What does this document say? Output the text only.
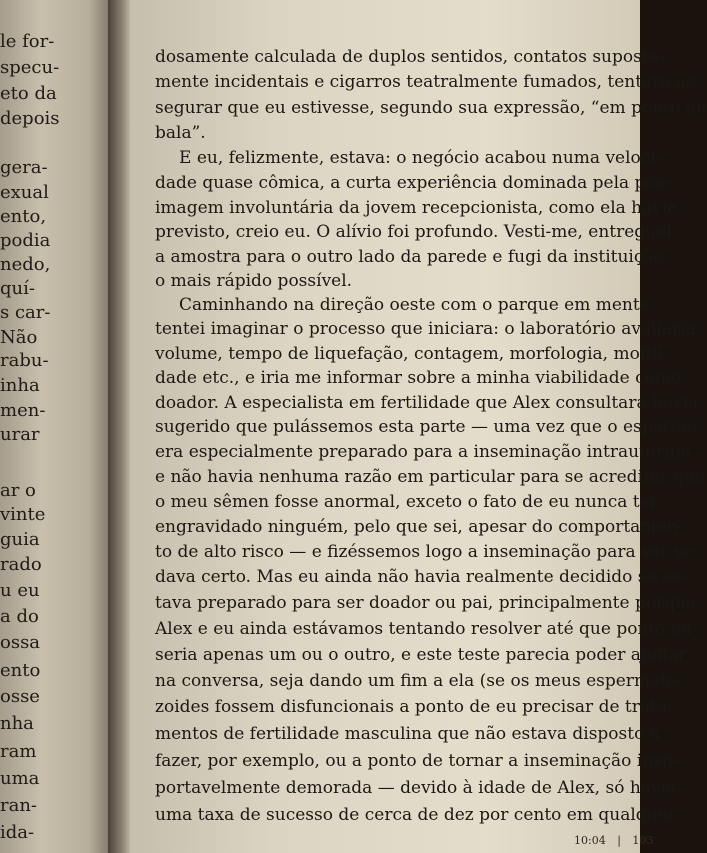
le for-
specu-
eto da
depois
gera-
exual
ento,
podia
nedo,
quí-
s car-
Não
rabu-
inha
men-
urar
ar o
vinte
guia
rado
u eu
a do
ossa
ento
osse
nha
ram
uma
ran-
ida-
dosamente calculada de duplos sentidos, contatos suposta-
mente incidentais e cigarros teatralmente fumados, tentara as-
segurar que eu estivesse, segundo sua expressão, “em ponto de
bala”.
E eu, felizmente, estava: o negócio acabou numa veloci-
dade quase cômica, a curta experiência dominada pela pós-
imagem involuntária da jovem recepcionista, como ela havia
previsto, creio eu. O alívio foi profundo. Vesti-me, entreguei
a amostra para o outro lado da parede e fugi da instituição
o mais rápido possível.
Caminhando na direção oeste com o parque em mente,
tentei imaginar o processo que iniciara: o laboratório avaliaria
volume, tempo de liquefação, contagem, morfologia, motili-
dade etc., e iria me informar sobre a minha viabilidade como
doador. A especialista em fertilidade que Alex consultara havia
sugerido que pulássemos esta parte — uma vez que o esperma
era especialmente preparado para a inseminação intrauterina
e não havia nenhuma razão em particular para se acreditar que
o meu sêmen fosse anormal, exceto o fato de eu nunca ter
engravidado ninguém, pelo que sei, apesar do comportamen-
to de alto risco — e fizéssemos logo a inseminação para ver se
dava certo. Mas eu ainda não havia realmente decidido se es-
tava preparado para ser doador ou pai, principalmente porque
Alex e eu ainda estávamos tentando resolver até que ponto eu
seria apenas um ou o outro, e este teste parecia poder ajudar
na conversa, seja dando um fim a ela (se os meus espermato-
zoides fossem disfuncionais a ponto de eu precisar de trata-
mentos de fertilidade masculina que não estava disposto a
fazer, por exemplo, ou a ponto de tornar a inseminação insu-
portavelmente demorada — devido à idade de Alex, só havia
uma taxa de sucesso de cerca de dez por cento em qualquer
10:04 | 103
